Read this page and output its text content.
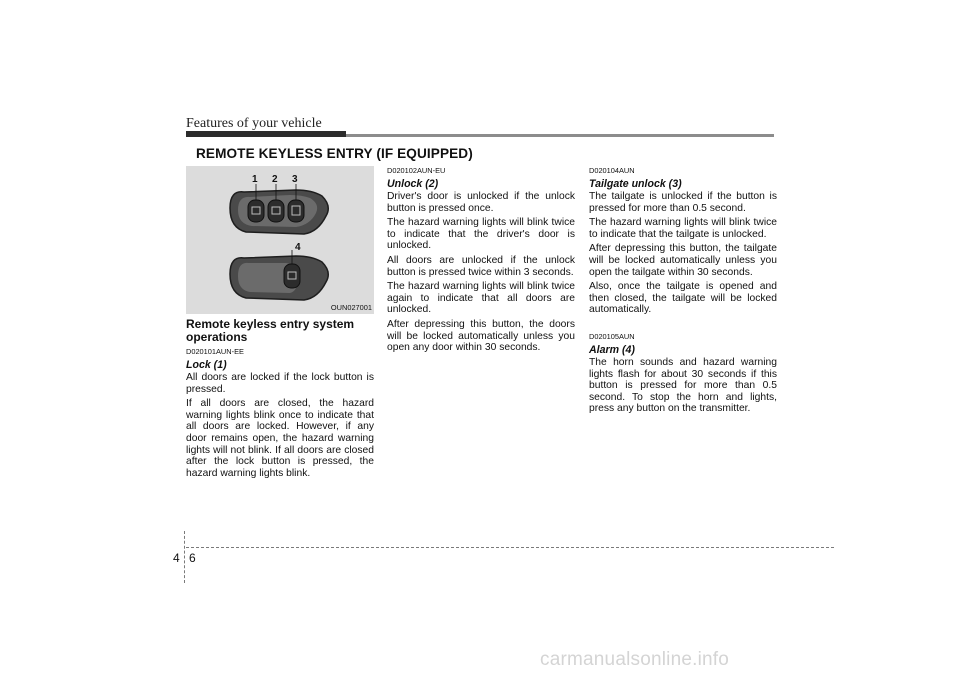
Features of your vehicle
REMOTE KEYLESS ENTRY (IF EQUIPPED)
1 2 3
4
OUN027001
Remote keyless entry system operations
D020101AUN-EE
Lock (1)

All doors are locked if the lock button is pressed.

If all doors are closed, the hazard warning lights blink once to indicate that all doors are locked. However, if any door remains open, the hazard warning lights will not blink. If all doors are closed after the lock button is pressed, the hazard warning lights blink.

D020102AUN-EU
Unlock (2)

Driver's door is unlocked if the unlock button is pressed once.

The hazard warning lights will blink twice to indicate that the driver's door is unlocked.

All doors are unlocked if the unlock button is pressed twice within 3 seconds.

The hazard warning lights will blink twice again to indicate that all doors are unlocked.

After depressing this button, the doors will be locked automatically unless you open any door within 30 seconds.

D020104AUN
Tailgate unlock (3)

The tailgate is unlocked if the button is pressed for more than 0.5 second.

The hazard warning lights will blink twice to indicate that the tailgate is unlocked.

After depressing this button, the tailgate will be locked automatically unless you open the tailgate within 30 seconds.

Also, once the tailgate is opened and then closed, the tailgate will be locked automatically.

D020105AUN
Alarm (4)

The horn sounds and hazard warning lights flash for about 30 seconds if this button is pressed for more than 0.5 second. To stop the horn and lights, press any button on the transmitter.

4 6
carmanualsonline.info
